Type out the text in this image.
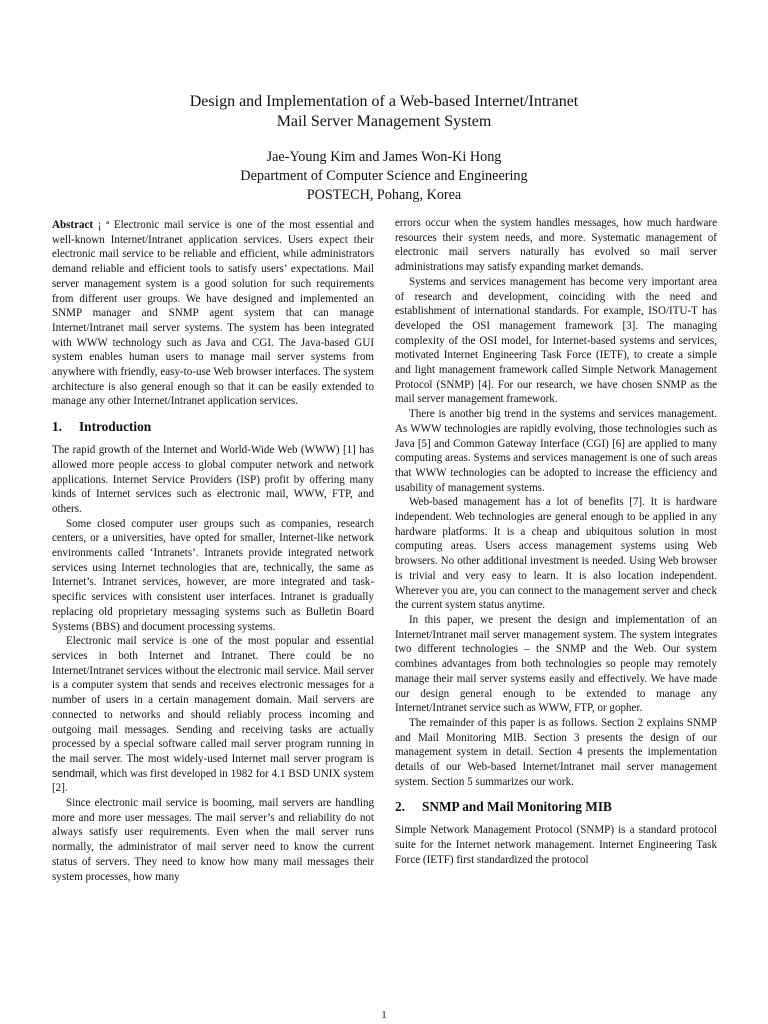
Design and Implementation of a Web-based Internet/Intranet
Mail Server Management System
Jae-Young Kim and James Won-Ki Hong
Department of Computer Science and Engineering
POSTECH, Pohang, Korea

Abstract ¡ ª Electronic mail service is one of the most essential and well-known Internet/Intranet application services. Users expect their electronic mail service to be reliable and efficient, while administrators demand reliable and efficient tools to satisfy users’ expectations. Mail server management system is a good solution for such requirements from different user groups. We have designed and implemented an SNMP manager and SNMP agent system that can manage Internet/Intranet mail server systems. The system has been integrated with WWW technology such as Java and CGI. The Java-based GUI system enables human users to manage mail server systems from anywhere with friendly, easy-to-use Web browser interfaces. The system architecture is also general enough so that it can be easily extended to manage any other Internet/Intranet application services.

1. Introduction

The rapid growth of the Internet and World-Wide Web (WWW) [1] has allowed more people access to global computer network and network applications. Internet Service Providers (ISP) profit by offering many kinds of Internet services such as electronic mail, WWW, FTP, and others.

Some closed computer user groups such as companies, research centers, or a universities, have opted for smaller, Internet-like network environments called ‘Intranets’. Intranets provide integrated network services using Internet technologies that are, technically, the same as Internet’s. Intranet services, however, are more integrated and task-specific services with consistent user interfaces. Intranet is gradually replacing old proprietary messaging systems such as Bulletin Board Systems (BBS) and document processing systems.

Electronic mail service is one of the most popular and essential services in both Internet and Intranet. There could be no Internet/Intranet services without the electronic mail service. Mail server is a computer system that sends and receives electronic messages for a number of users in a certain management domain. Mail servers are connected to networks and should reliably process incoming and outgoing mail messages. Sending and receiving tasks are actually processed by a special software called mail server program running in the mail server. The most widely-used Internet mail server program is sendmail, which was first developed in 1982 for 4.1 BSD UNIX system [2].

Since electronic mail service is booming, mail servers are handling more and more user messages. The mail server’s and reliability do not always satisfy user requirements. Even when the mail server runs normally, the administrator of mail server need to know the current status of servers. They need to know how many mail messages their system processes, how many

errors occur when the system handles messages, how much hardware resources their system needs, and more. Systematic management of electronic mail servers naturally has evolved so mail server administrations may satisfy expanding market demands.

Systems and services management has become very important area of research and development, coinciding with the need and establishment of international standards. For example, ISO/ITU-T has developed the OSI management framework [3]. The managing complexity of the OSI model, for Internet-based systems and services, motivated Internet Engineering Task Force (IETF), to create a simple and light management framework called Simple Network Management Protocol (SNMP) [4]. For our research, we have chosen SNMP as the mail server management framework.

There is another big trend in the systems and services management. As WWW technologies are rapidly evolving, those technologies such as Java [5] and Common Gateway Interface (CGI) [6] are applied to many computing areas. Systems and services management is one of such areas that WWW technologies can be adopted to increase the efficiency and usability of management systems.

Web-based management has a lot of benefits [7]. It is hardware independent. Web technologies are general enough to be applied in any hardware platforms. It is a cheap and ubiquitous solution in most computing areas. Users access management systems using Web browsers. No other additional investment is needed. Using Web browser is trivial and very easy to learn. It is also location independent. Wherever you are, you can connect to the management server and check the current system status anytime.

In this paper, we present the design and implementation of an Internet/Intranet mail server management system. The system integrates two different technologies – the SNMP and the Web. Our system combines advantages from both technologies so people may remotely manage their mail server systems easily and effectively. We have made our design general enough to be extended to manage any Internet/Intranet service such as WWW, FTP, or gopher.

The remainder of this paper is as follows. Section 2 explains SNMP and Mail Monitoring MIB. Section 3 presents the design of our management system in detail. Section 4 presents the implementation details of our Web-based Internet/Intranet mail server management system. Section 5 summarizes our work.

2. SNMP and Mail Monitoring MIB

Simple Network Management Protocol (SNMP) is a standard protocol suite for the Internet network management. Internet Engineering Task Force (IETF) first standardized the protocol

1
